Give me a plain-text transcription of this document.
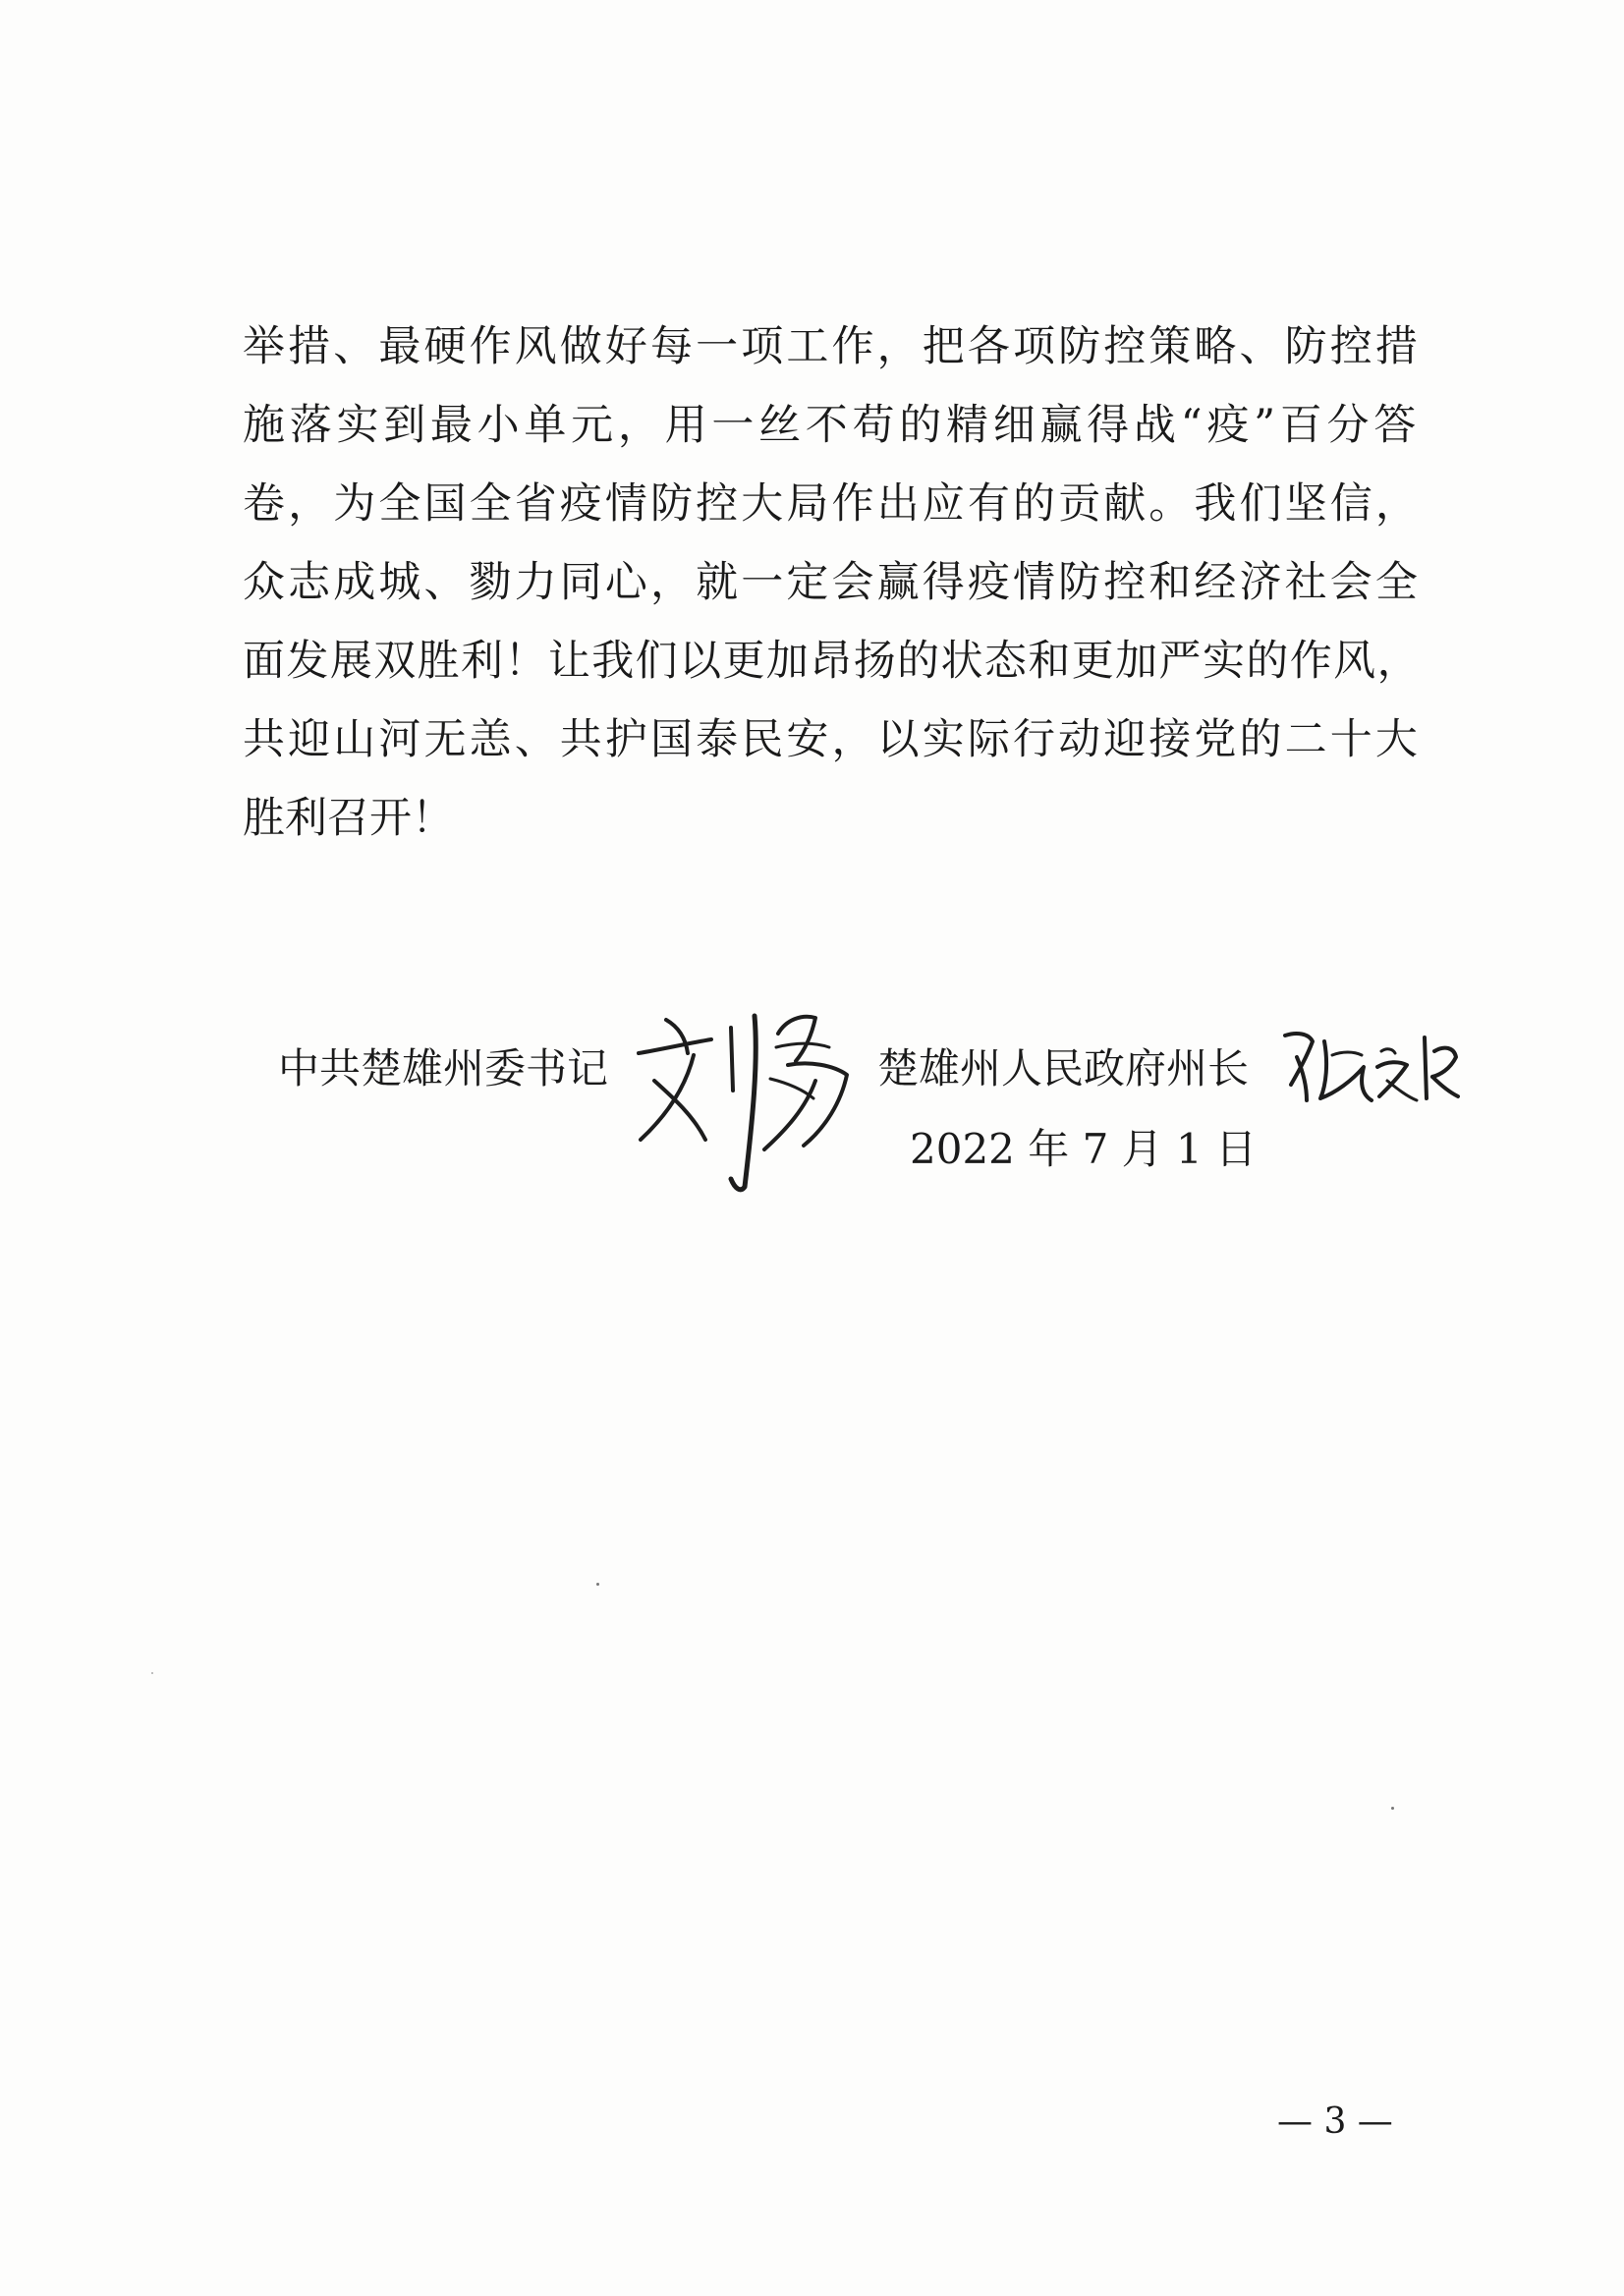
举措、最硬作风做好每一项工作，把各项防控策略、防控措
施落实到最小单元，用一丝不苟的精细赢得战“疫”百分答
卷，为全国全省疫情防控大局作出应有的贡献。我们坚信，
众志成城、勠力同心，就一定会赢得疫情防控和经济社会全
面发展双胜利！让我们以更加昂扬的状态和更加严实的作风，
共迎山河无恙、共护国泰民安，以实际行动迎接党的二十大
胜利召开！
中共楚雄州委书记	楚雄州人民政府州长
2022 年 7 月 1 日
— 3 —
